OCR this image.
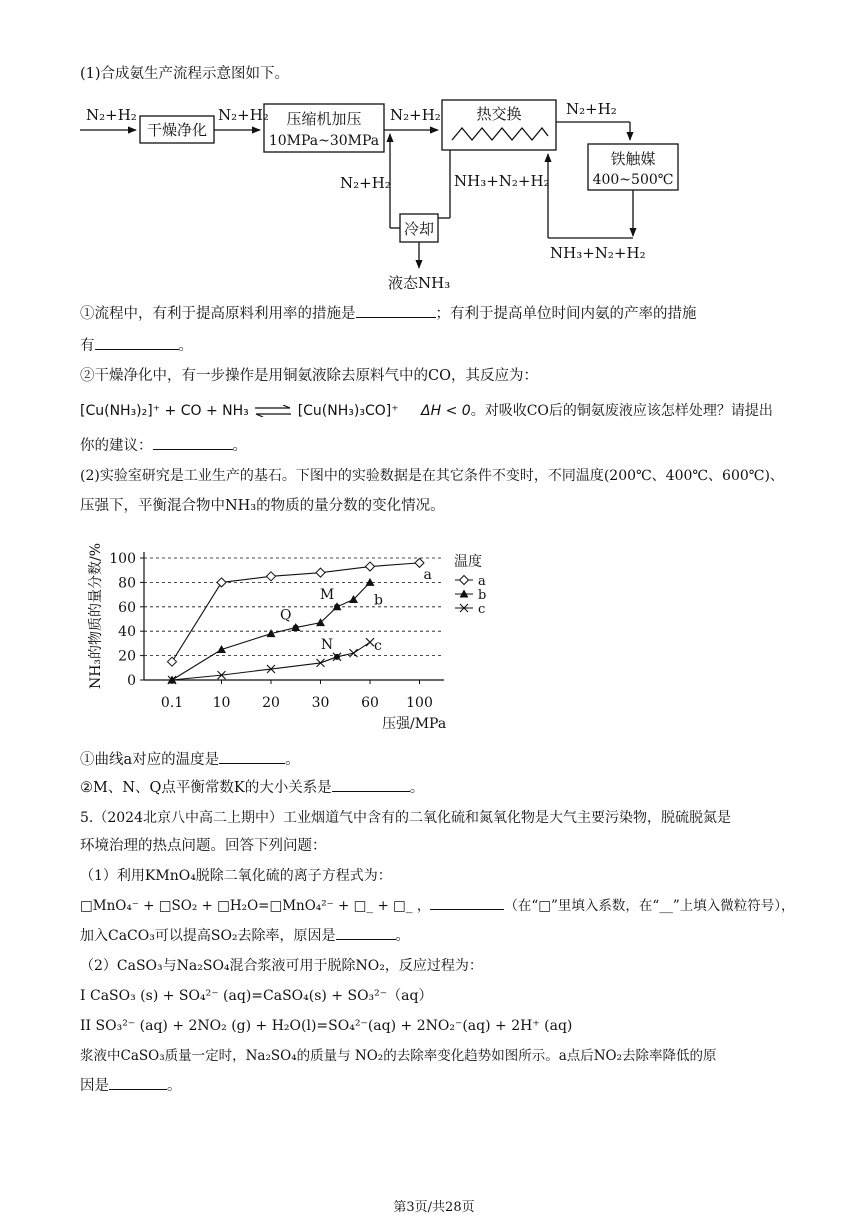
(1)合成氨生产流程示意图如下。
N₂+H₂
干燥净化
N₂+H₂ 压缩机加压
10MPa~30MPa
N₂+H₂ 热交换	N₂+H₂
铁触媒
400~500℃
N₂+H₂	NH₃+N₂+H₂
冷却
NH₃+N₂+H₂
液态NH₃
①流程中，有利于提高原料利用率的措施是	；有利于提高单位时间内氨的产率的措施
有	。
②干燥净化中，有一步操作是用铜氨液除去原料气中的CO，其反应为：
[Cu(NH₃)₂]⁺ + CO + NH₃ ⇌ [Cu(NH₃)₃CO]⁺ ΔH < 0。对吸收CO后的铜氨废液应该怎样处理？请提出
你的建议：	。
(2)实验室研究是工业生产的基石。下图中的实验数据是在其它条件不变时，不同温度(200℃、400℃、600℃)、
压强下，平衡混合物中NH₃的物质的量分数的变化情况。
NH₃的物质的量分数/%
压强/MPa
温度
0
20
40
60
80
100
0.1 10 20 30 60 100
a
b
c
M
Q
N
a
b
c
①曲线a对应的温度是	。
②M、N、Q点平衡常数K的大小关系是	。
5.（2024北京八中高二上期中）工业烟道气中含有的二氧化硫和氮氧化物是大气主要污染物，脱硫脱氮是
环境治理的热点问题。回答下列问题：
（1）利用KMnO₄脱除二氧化硫的离子方程式为：
□MnO₄⁻ + □SO₂ + □H₂O=□MnO₄²⁻ + □_ + □_ ，	（在“□”里填入系数，在“__”上填入微粒符号），
加入CaCO₃可以提高SO₂去除率，原因是	。
（2）CaSO₃与Na₂SO₄混合浆液可用于脱除NO₂，反应过程为：
I CaSO₃ (s) + SO₄²⁻ (aq)=CaSO₄(s) + SO₃²⁻（aq）
II SO₃²⁻ (aq) + 2NO₂ (g) + H₂O(l)=SO₄²⁻(aq) + 2NO₂⁻(aq) + 2H⁺ (aq)
浆液中CaSO₃质量一定时，Na₂SO₄的质量与 NO₂的去除率变化趋势如图所示。a点后NO₂去除率降低的原
因是	。
第3页/共28页
